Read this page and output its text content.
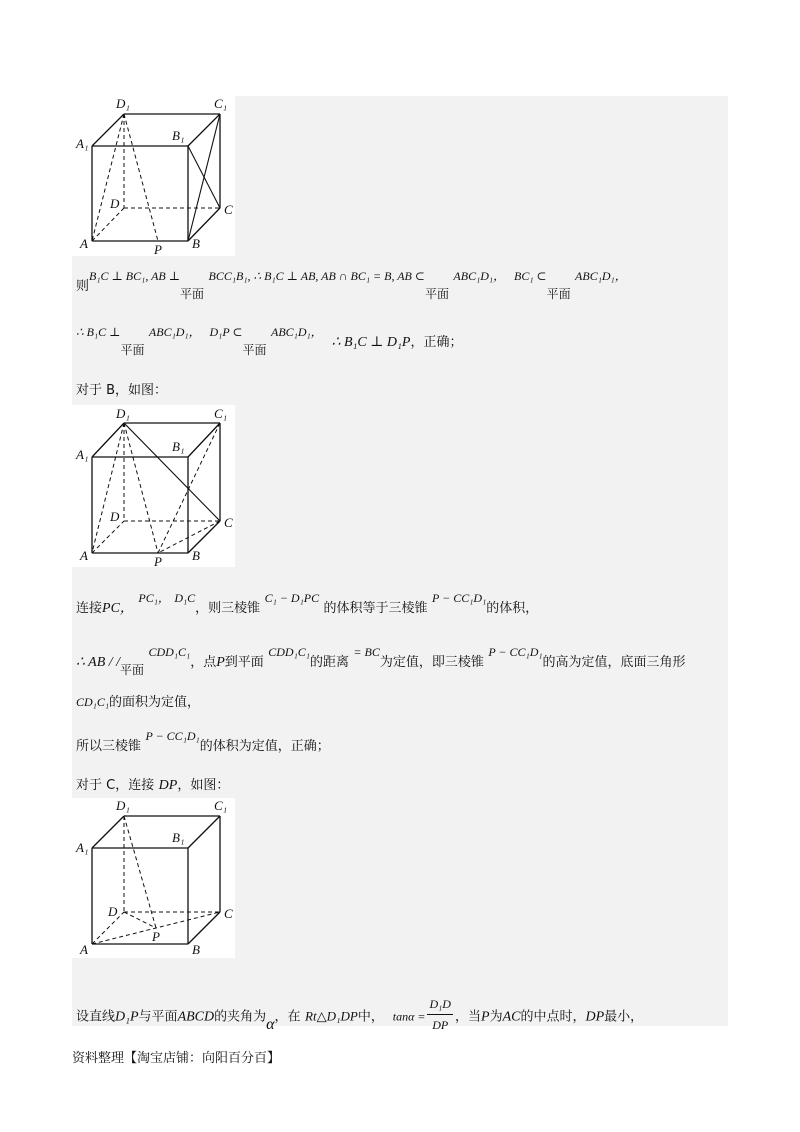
D₁	C₁
A₁
B₁
D	C
A	P B
则B₁C ⊥ BC₁, AB ⊥平面 BCC₁B₁, ∴ B₁C ⊥ AB, AB ∩ BC₁ = B, AB ⊂平面 ABC₁D₁， BC₁ ⊂平面 ABC₁D₁，
∴ B₁C ⊥平面 ABC₁D₁， D₁P ⊂平面 ABC₁D₁，  ∴ B₁C ⊥ D₁P，正确；
对于 B，如图：
D₁	C₁
A₁
B₁
D	C
A	P B
连接PC， PC₁， D₁C，则三棱锥 C₁ − D₁PC 的体积等于三棱锥 P − CC₁D₁的体积，
∴ AB / /平面 CDD₁C₁，点P到平面 CDD₁C₁的距离 = BC为定值，即三棱锥 P − CC₁D₁的高为定值，底面三角形
CD₁C₁的面积为定值，
所以三棱锥 P − CC₁D₁的体积为定值，正确；
对于 C，连接 DP，如图：
D₁	C₁
A₁
B₁
D	C
A
P
B
设直线D₁P与平面ABCD的夹角为α，在 Rt△D₁DP中， $\tan\alpha = \frac{\text{D₁D}}{DP}$ ，当P为AC的中点时，DP最小，
资料整理【淘宝店铺：向阳百分百】
